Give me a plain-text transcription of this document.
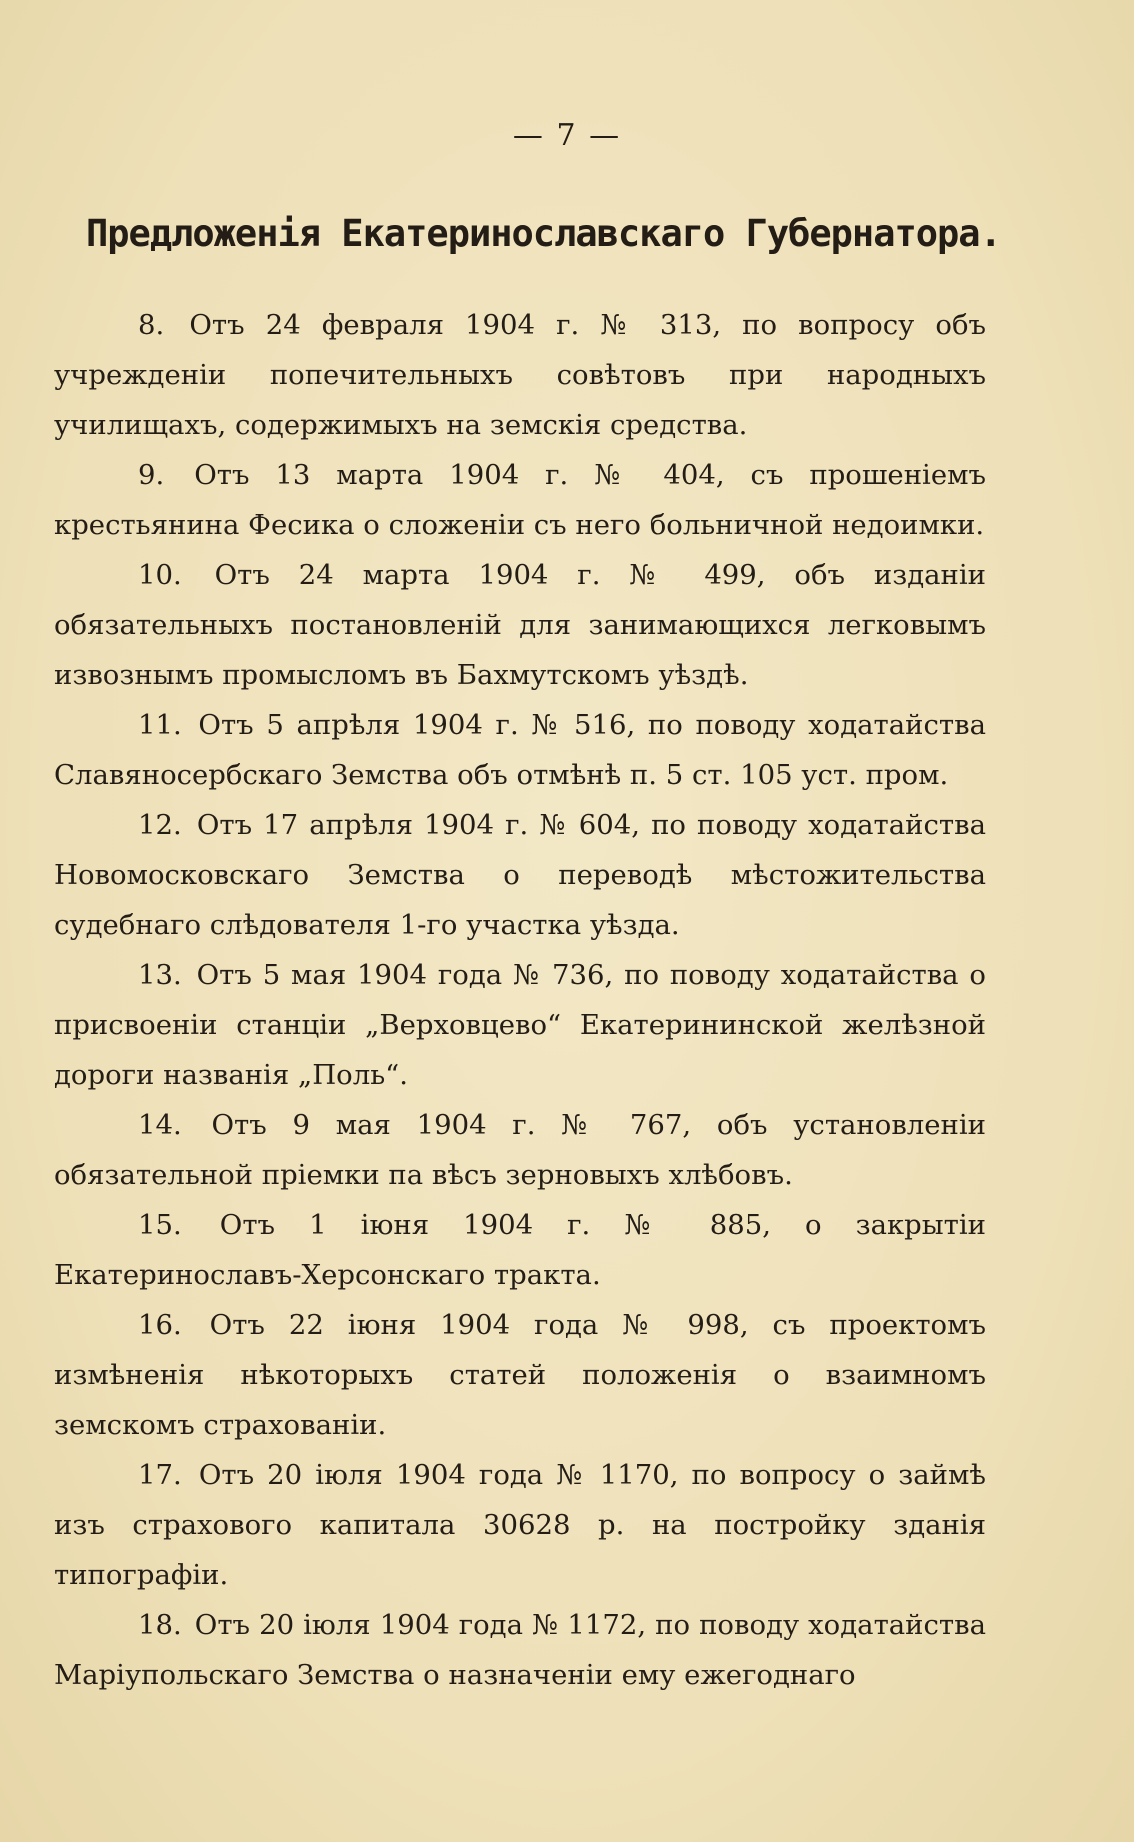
— 7 —
Предложенія Екатеринославскаго Губернатора.

8. Отъ 24 февраля 1904 г. № 313, по вопросу объ учрежденіи попечительныхъ совѣтовъ при народныхъ училищахъ, содержимыхъ на земскія средства.

9. Отъ 13 марта 1904 г. № 404, съ прошеніемъ крестьянина Фесика о сложеніи съ него больничной недоимки.

10. Отъ 24 марта 1904 г. № 499, объ изданіи обязательныхъ постановленій для занимающихся легковымъ извознымъ промысломъ въ Бахмутскомъ уѣздѣ.

11. Отъ 5 апрѣля 1904 г. № 516, по поводу ходатайства Славяносербскаго Земства объ отмѣнѣ п. 5 ст. 105 уст. пром.

12. Отъ 17 апрѣля 1904 г. № 604, по поводу ходатайства Новомосковскаго Земства о переводѣ мѣстожительства судебнаго слѣдователя 1-го участка уѣзда.

13. Отъ 5 мая 1904 года № 736, по поводу ходатайства о присвоеніи станціи „Верховцево“ Екатерининской желѣзной дороги названія „Поль“.

14. Отъ 9 мая 1904 г. № 767, объ установленіи обязательной пріемки па вѣсъ зерновыхъ хлѣбовъ.

15. Отъ 1 іюня 1904 г. № 885, о закрытіи Екатеринославъ-Херсонскаго тракта.

16. Отъ 22 іюня 1904 года № 998, съ проектомъ измѣненія нѣкоторыхъ статей положенія о взаимномъ земскомъ страхованіи.

17. Отъ 20 іюля 1904 года № 1170, по вопросу о займѣ изъ страхового капитала 30628 р. на постройку зданія типографіи.

18. Отъ 20 іюля 1904 года № 1172, по поводу ходатайства Маріупольскаго Земства о назначеніи ему ежегоднаго
